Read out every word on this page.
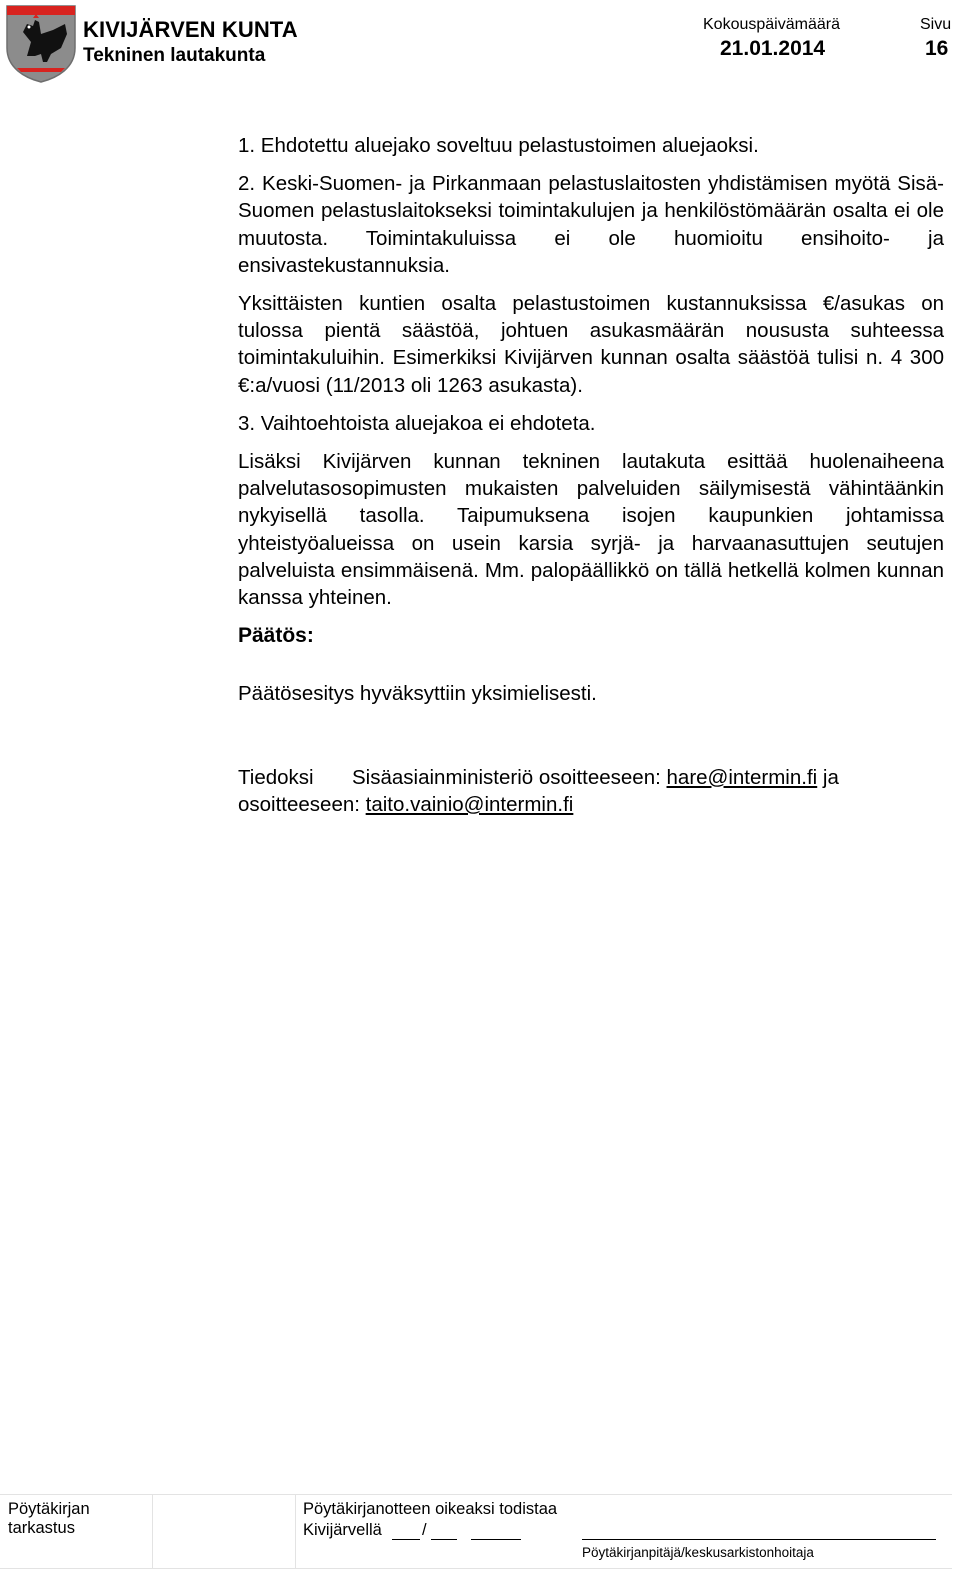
KIVIJÄRVEN KUNTA
Tekninen lautakunta
Kokouspäivämäärä
21.01.2014
Sivu
16

1. Ehdotettu aluejako soveltuu pelastustoimen aluejaoksi.

2. Keski-Suomen- ja Pirkanmaan pelastuslaitosten yhdistämisen myötä Sisä-Suomen pelastuslaitokseksi toimintakulujen ja henkilöstömäärän osalta ei ole muutosta. Toimintakuluissa ei ole huomioitu ensihoito- ja ensivastekustannuksia.

Yksittäisten kuntien osalta pelastustoimen kustannuksissa €/asukas on tulossa pientä säästöä, johtuen asukasmäärän noususta suhteessa toimintakuluihin. Esimerkiksi Kivijärven kunnan osalta säästöä tulisi n. 4 300 €:a/vuosi (11/2013 oli 1263 asukasta).

3. Vaihtoehtoista aluejakoa ei ehdoteta.

Lisäksi Kivijärven kunnan tekninen lautakuta esittää huolenaiheena palvelutasosopimusten mukaisten palveluiden säilymisestä vähintäänkin nykyisellä tasolla. Taipumuksena isojen kaupunkien johtamissa yhteistyöalueissa on usein karsia syrjä- ja harvaanasuttujen seutujen palveluista ensimmäisenä. Mm. palopäällikkö on tällä hetkellä kolmen kunnan kanssa yhteinen.

Päätös:

Päätösesitys hyväksyttiin yksimielisesti.

Tiedoksi Sisäasiainministeriö osoitteeseen: hare@intermin.fi ja
osoitteeseen: taito.vainio@intermin.fi

Pöytäkirjan tarkastus
Pöytäkirjanotteen oikeaksi todistaa
Kivijärvellä /
Pöytäkirjanpitäjä/keskusarkistonhoitaja
